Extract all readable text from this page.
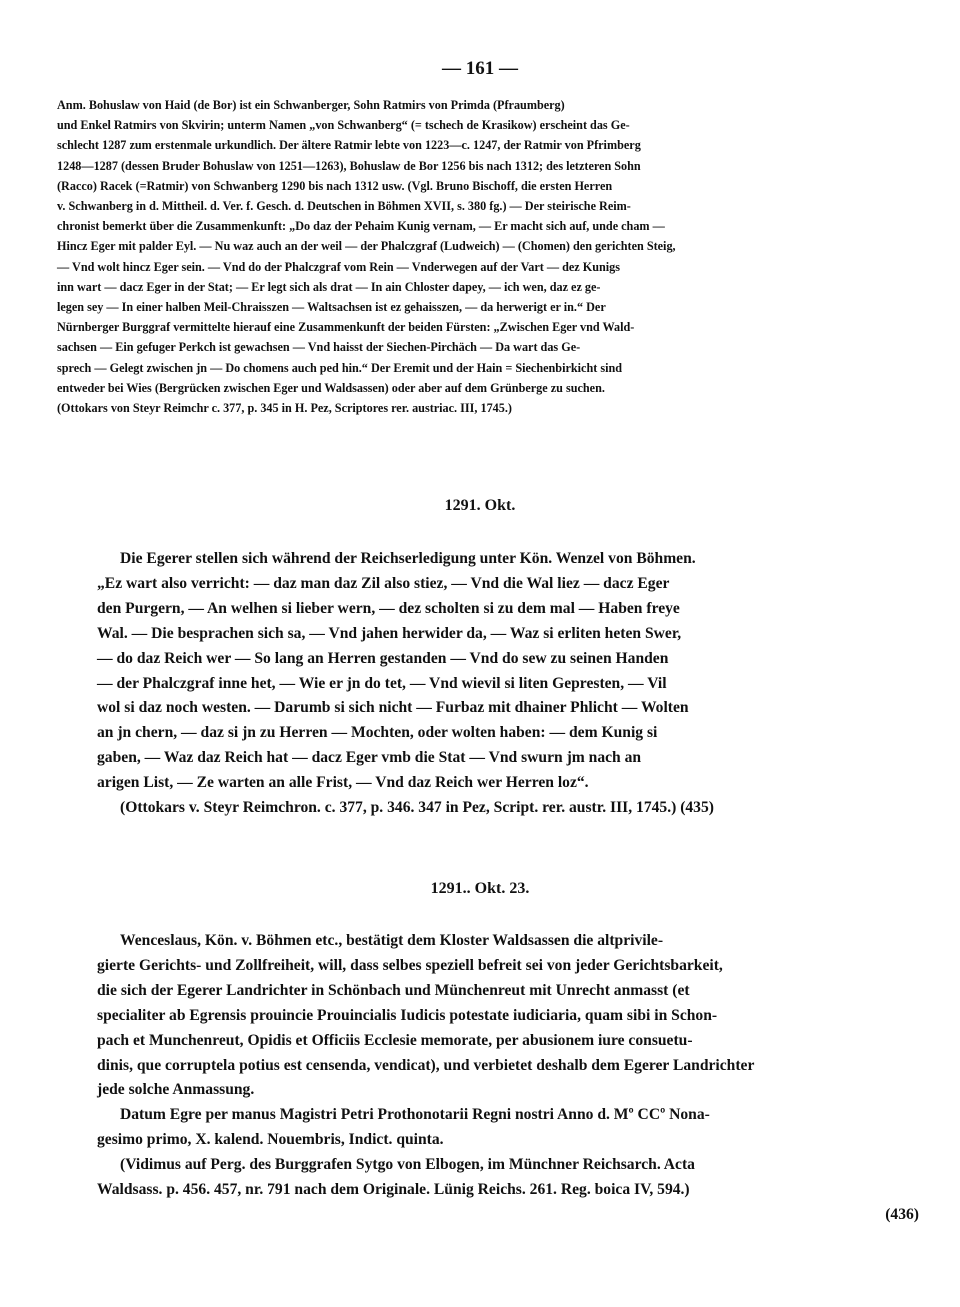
— 161 —

Anm. Bohuslaw von Haid (de Bor) ist ein Schwanberger, Sohn Ratmirs von Primda (Pfraumberg)

und Enkel Ratmirs von Skvirin; unterm Namen „von Schwanberg“ (= tschech de Krasikow) erscheint das Ge-

schlecht 1287 zum erstenmale urkundlich. Der ältere Ratmir lebte von 1223—c. 1247, der Ratmir von Pfrimberg

1248—1287 (dessen Bruder Bohuslaw von 1251—1263), Bohuslaw de Bor 1256 bis nach 1312; des letzteren Sohn

(Racco) Racek (=Ratmir) von Schwanberg 1290 bis nach 1312 usw. (Vgl. Bruno Bischoff, die ersten Herren

v. Schwanberg in d. Mittheil. d. Ver. f. Gesch. d. Deutschen in Böhmen XVII, s. 380 fg.) — Der steirische Reim-

chronist bemerkt über die Zusammenkunft: „Do daz der Pehaim Kunig vernam, — Er macht sich auf, unde cham —

Hincz Eger mit palder Eyl. — Nu waz auch an der weil — der Phalczgraf (Ludweich) — (Chomen) den gerichten Steig,

— Vnd wolt hincz Eger sein. — Vnd do der Phalczgraf vom Rein — Vnderwegen auf der Vart — dez Kunigs

inn wart — dacz Eger in der Stat; — Er legt sich als drat — In ain Chloster dapey, — ich wen, daz ez ge-

legen sey — In einer halben Meil-Chraisszen — Waltsachsen ist ez gehaisszen, — da herwerigt er in.“ Der

Nürnberger Burggraf vermittelte hierauf eine Zusammenkunft der beiden Fürsten: „Zwischen Eger vnd Wald-

sachsen — Ein gefuger Perkch ist gewachsen — Vnd haisst der Siechen-Pirchäch — Da wart das Ge-

sprech — Gelegt zwischen jn — Do chomens auch ped hin.“ Der Eremit und der Hain = Siechenbirkicht sind

entweder bei Wies (Bergrücken zwischen Eger und Waldsassen) oder aber auf dem Grünberge zu suchen.

(Ottokars von Steyr Reimchr c. 377, p. 345 in H. Pez, Scriptores rer. austriac. III, 1745.)

1291. Okt.

Die Egerer stellen sich während der Reichserledigung unter Kön. Wenzel von Böhmen.

„Ez wart also verricht: — daz man daz Zil also stiez, — Vnd die Wal liez — dacz Eger

den Purgern, — An welhen si lieber wern, — dez scholten si zu dem mal — Haben freye

Wal. — Die besprachen sich sa, — Vnd jahen herwider da, — Waz si erliten heten Swer,

— do daz Reich wer — So lang an Herren gestanden — Vnd do sew zu seinen Handen

— der Phalczgraf inne het, — Wie er jn do tet, — Vnd wievil si liten Gepresten, — Vil

wol si daz noch westen. — Darumb si sich nicht — Furbaz mit dhainer Phlicht — Wolten

an jn chern, — daz si jn zu Herren — Mochten, oder wolten haben: — dem Kunig si

gaben, — Waz daz Reich hat — dacz Eger vmb die Stat — Vnd swurn jm nach an

arigen List, — Ze warten an alle Frist, — Vnd daz Reich wer Herren loz“.

(Ottokars v. Steyr Reimchron. c. 377, p. 346. 347 in Pez, Script. rer. austr. III, 1745.) (435)

1291.. Okt. 23.

Wenceslaus, Kön. v. Böhmen etc., bestätigt dem Kloster Waldsassen die altprivile-

gierte Gerichts- und Zollfreiheit, will, dass selbes speziell befreit sei von jeder Gerichtsbarkeit,

die sich der Egerer Landrichter in Schönbach und Münchenreut mit Unrecht anmasst (et

specialiter ab Egrensis prouincie Prouincialis Iudicis potestate iudiciaria, quam sibi in Schon-

pach et Munchenreut, Opidis et Officiis Ecclesie memorate, per abusionem iure consuetu-

dinis, que corruptela potius est censenda, vendicat), und verbietet deshalb dem Egerer Landrichter

jede solche Anmassung.

Datum Egre per manus Magistri Petri Prothonotarii Regni nostri Anno d. Mº CCº Nona-

gesimo primo, X. kalend. Nouembris, Indict. quinta.

(Vidimus auf Perg. des Burggrafen Sytgo von Elbogen, im Münchner Reichsarch. Acta

Waldsass. p. 456. 457, nr. 791 nach dem Originale. Lünig Reichs. 261. Reg. boica IV, 594.)

(436)
